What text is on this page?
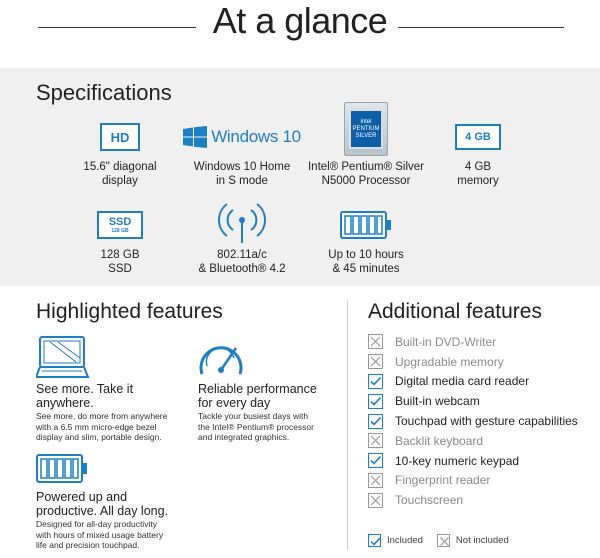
At a glance
Specifications
HD
15.6" diagonal
display
Windows 10
Windows 10 Home
in S mode
intel PENTIUM SILVER
Intel® Pentium® Silver
N5000 Processor
4 GB
4 GB
memory
SSD
128 GB
128 GB
SSD
802.11a/c
& Bluetooth® 4.2
Up to 10 hours
& 45 minutes
Highlighted features	Additional features
See more. Take it
anywhere.
See more, do more from anywhere
with a 6.5 mm micro-edge bezel
display and slim, portable design.
Reliable performance
for every day
Tackle your busiest days with
the Intel® Pentium® processor
and integrated graphics.
Powered up and
productive. All day long.
Designed for all-day productivity
with hours of mixed usage battery
life and precision touchpad.
Built-in DVD-Writer
Upgradable memory
Digital media card reader
Built-in webcam
Touchpad with gesture capabilities
Backlit keyboard
10-key numeric keypad
Fingerprint reader
Touchscreen
Included	Not included
